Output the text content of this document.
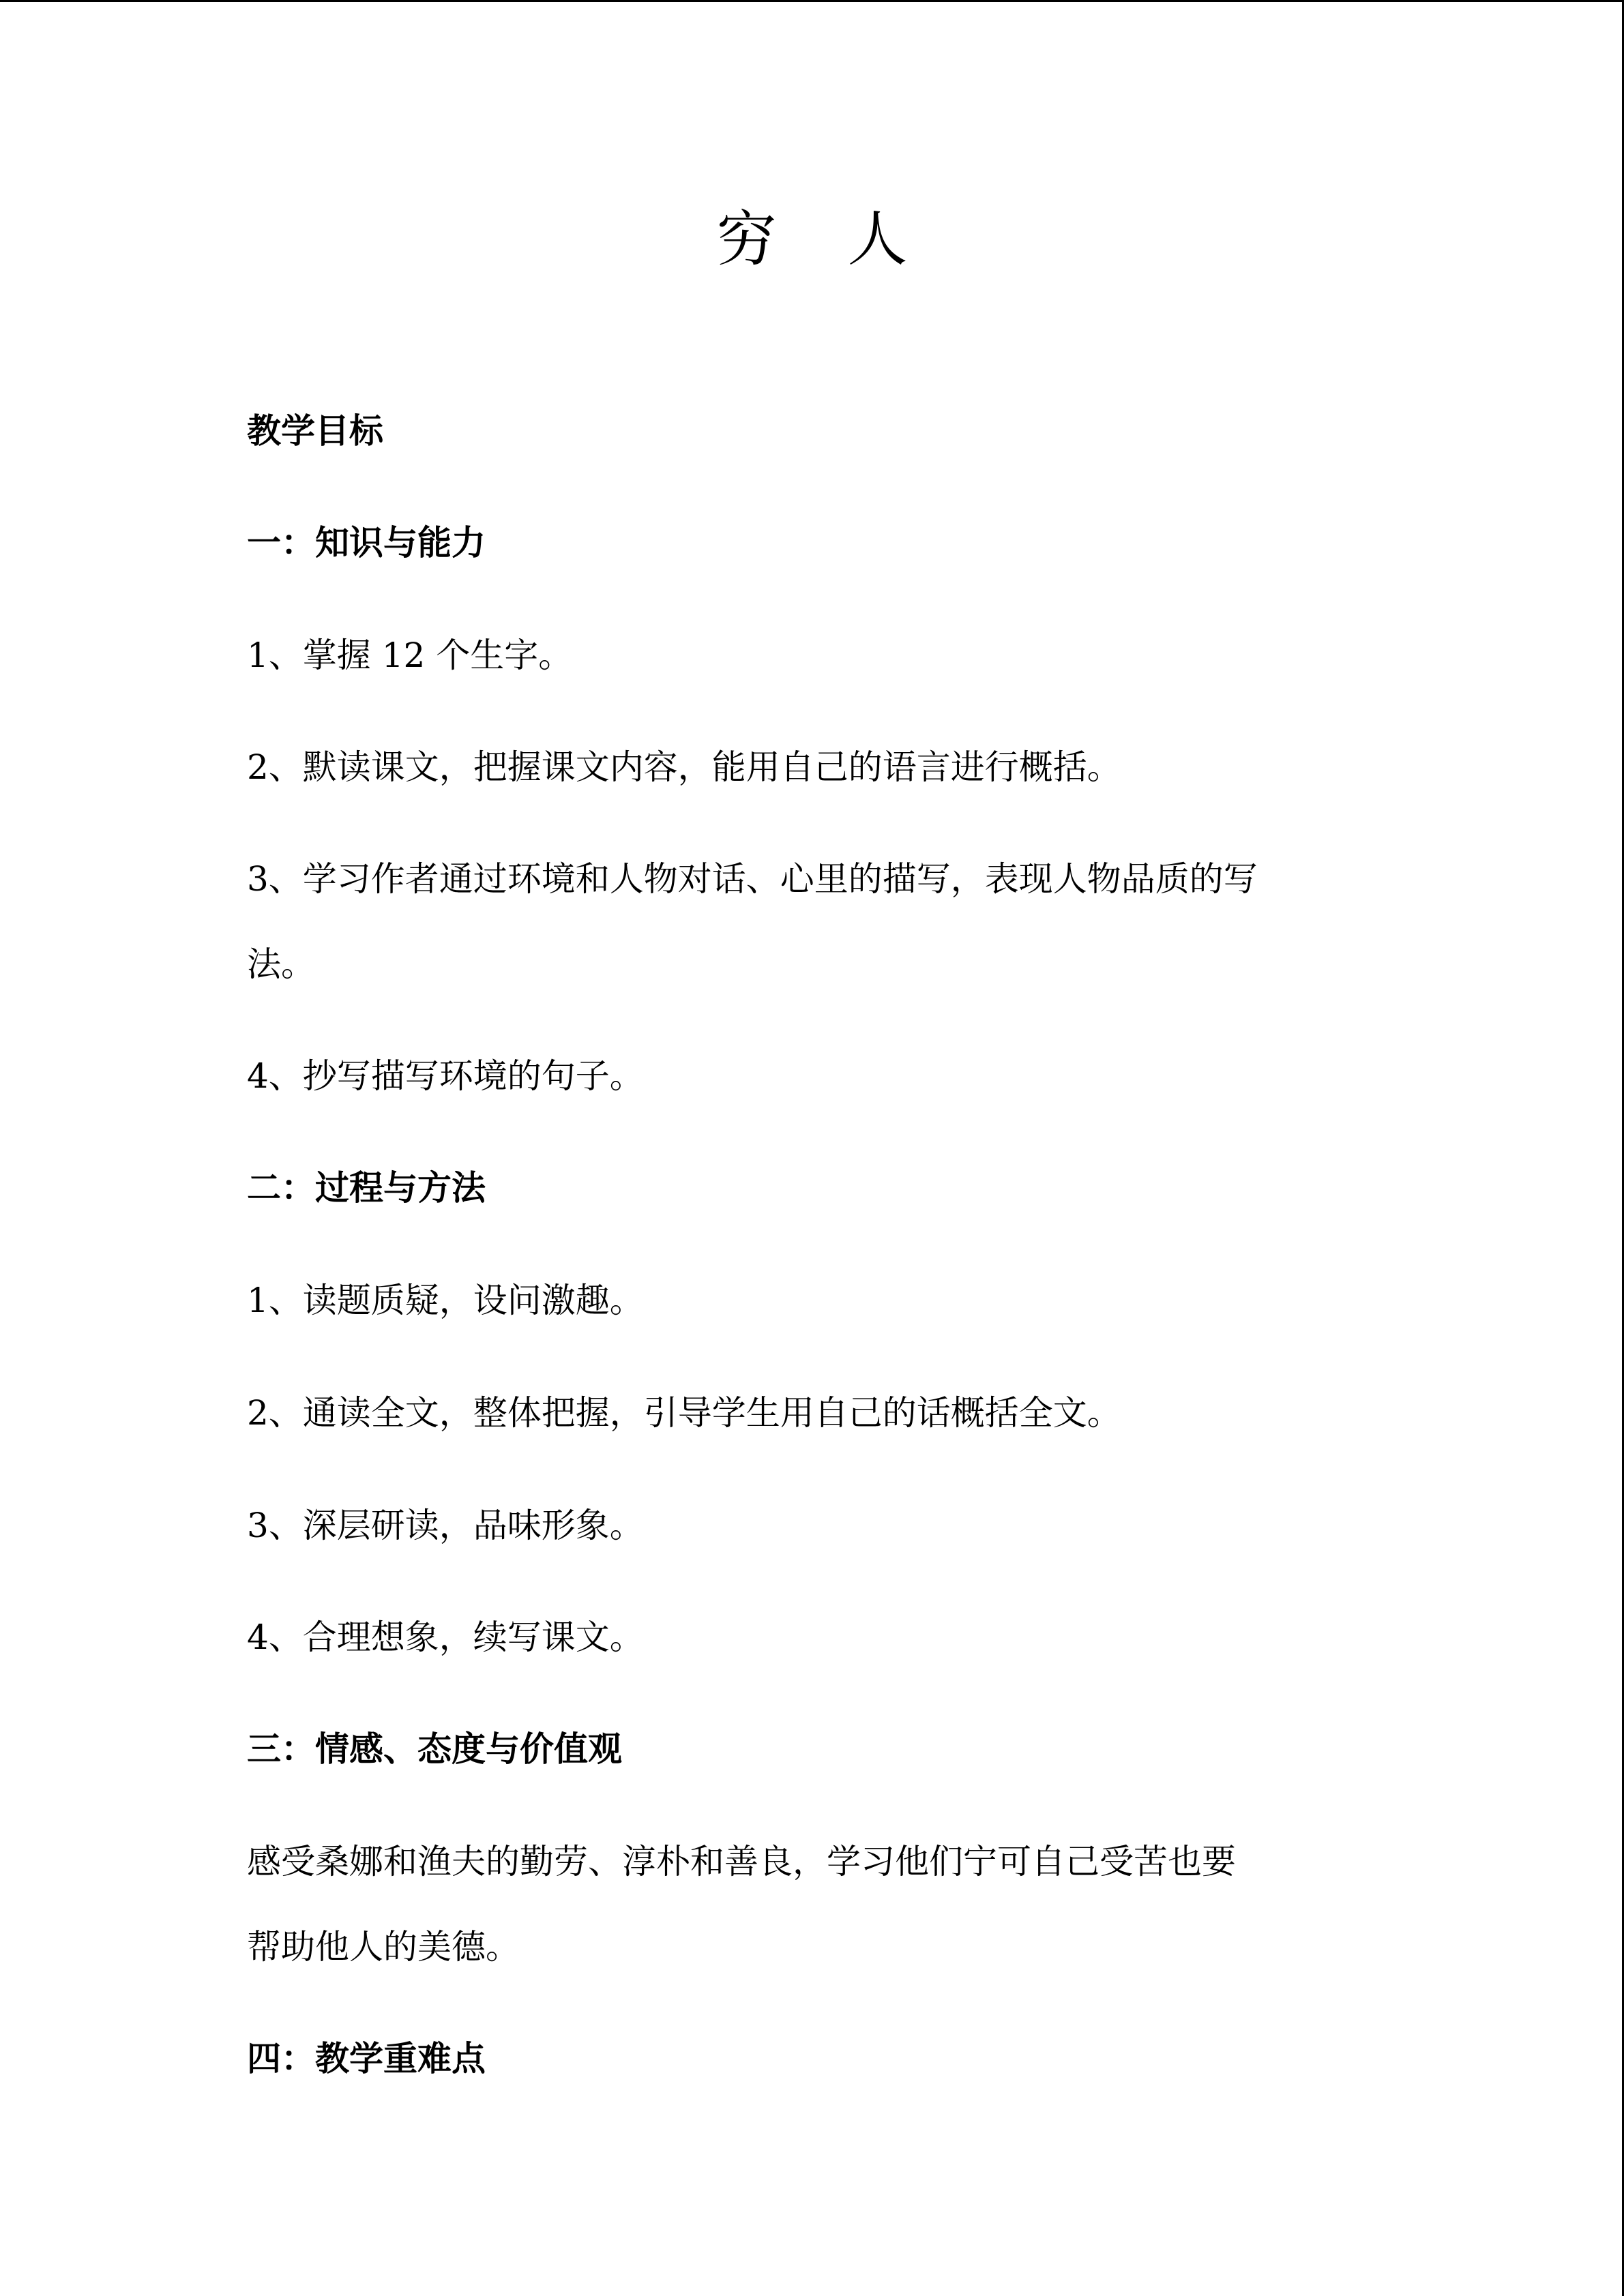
穷人

教学目标

一：知识与能力

1、掌握 12 个生字。

2、默读课文，把握课文内容，能用自己的语言进行概括。

3、学习作者通过环境和人物对话、心里的描写，表现人物品质的写

法。

4、抄写描写环境的句子。

二：过程与方法

1、读题质疑，设问激趣。

2、通读全文，整体把握，引导学生用自己的话概括全文。

3、深层研读，品味形象。

4、合理想象，续写课文。

三：情感、态度与价值观

感受桑娜和渔夫的勤劳、淳朴和善良，学习他们宁可自己受苦也要

帮助他人的美德。

四：教学重难点
